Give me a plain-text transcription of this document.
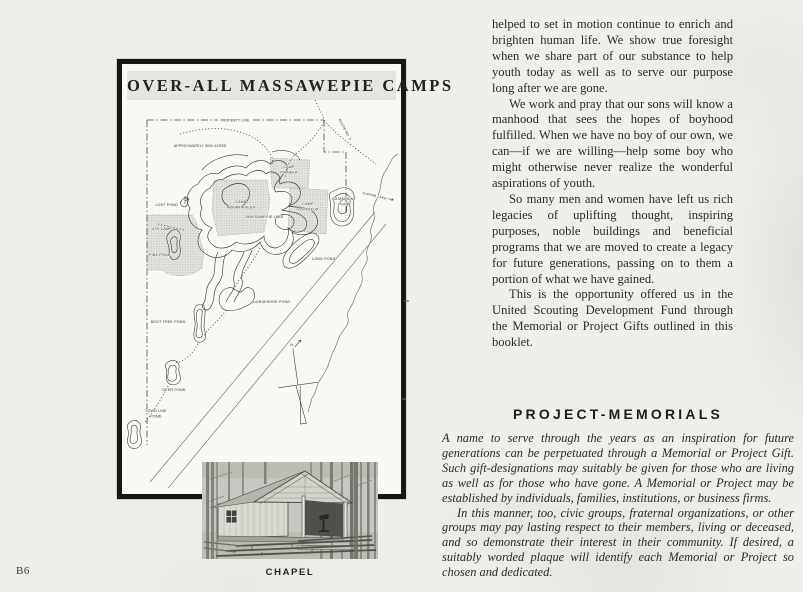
OVER-ALL MASSAWEPIE CAMPS
N
PROPERTY LINE
APPROXIMATELY 3000 ACRES
LOST POND
4TH CAMP
PINE POND
CAMP
MOUNTAINEER
CAMP
PIONEER
CAMP
VOYAGEUR
CATAMOUNT
POND
MASSAWEPIE LAKE
LONG POND
HORSESHOE POND
BOOT TREE POND
DEER POND
TOWN LINE
POND
ROUTE NO. 3
TUPPER LAKE
CHAPEL
B6

helped to set in motion continue to enrich and brighten human life. We show true foresight when we share part of our substance to help youth today as well as to serve our purpose long after we are gone.

We work and pray that our sons will know a manhood that sees the hopes of boyhood fulfilled. When we have no boy of our own, we can—if we are willing—help some boy who might otherwise never realize the wonderful aspirations of youth.

So many men and women have left us rich legacies of uplifting thought, inspiring purposes, noble buildings and beneficial programs that we are moved to create a legacy for future generations, passing on to them a portion of what we have gained.

This is the opportunity offered us in the United Scouting Development Fund through the Memorial or Project Gifts outlined in this booklet.

PROJECT-MEMORIALS

A name to serve through the years as an inspiration for future generations can be perpetuated through a Memorial or Project Gift. Such gift-designations may suitably be given for those who are living as well as for those who have gone. A Memorial or Project may be established by individuals, families, institutions, or business firms.

In this manner, too, civic groups, fraternal organizations, or other groups may pay lasting respect to their members, living or deceased, and so demonstrate their interest in their community. If desired, a suitably worded plaque will identify each Memorial or Project so chosen and dedicated.
